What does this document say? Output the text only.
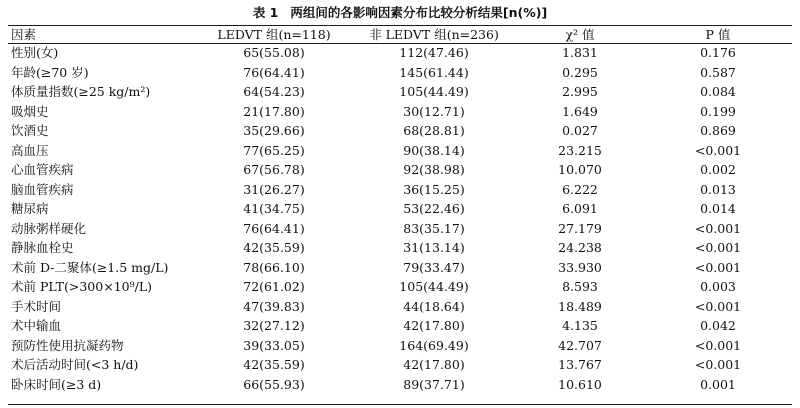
表 1 两组间的各影响因素分布比较分析结果[n(%)]
因素	LEDVT 组(n=118)	非 LEDVT 组(n=236)	χ² 值	P 值
性别(女)	65(55.08)	112(47.46)	1.831	0.176
年龄(≥70 岁)	76(64.41)	145(61.44)	0.295	0.587
体质量指数(≥25 kg/m²)	64(54.23)	105(44.49)	2.995	0.084
吸烟史	21(17.80)	30(12.71)	1.649	0.199
饮酒史	35(29.66)	68(28.81)	0.027	0.869
高血压	77(65.25)	90(38.14)	23.215	<0.001
心血管疾病	67(56.78)	92(38.98)	10.070	0.002
脑血管疾病	31(26.27)	36(15.25)	6.222	0.013
糖尿病	41(34.75)	53(22.46)	6.091	0.014
动脉粥样硬化	76(64.41)	83(35.17)	27.179	<0.001
静脉血栓史	42(35.59)	31(13.14)	24.238	<0.001
术前 D-二聚体(≥1.5 mg/L)	78(66.10)	79(33.47)	33.930	<0.001
术前 PLT(>300×10⁹/L)	72(61.02)	105(44.49)	8.593	0.003
手术时间	47(39.83)	44(18.64)	18.489	<0.001
术中输血	32(27.12)	42(17.80)	4.135	0.042
预防性使用抗凝药物	39(33.05)	164(69.49)	42.707	<0.001
术后活动时间(<3 h/d)	42(35.59)	42(17.80)	13.767	<0.001
卧床时间(≥3 d)	66(55.93)	89(37.71)	10.610	0.001
